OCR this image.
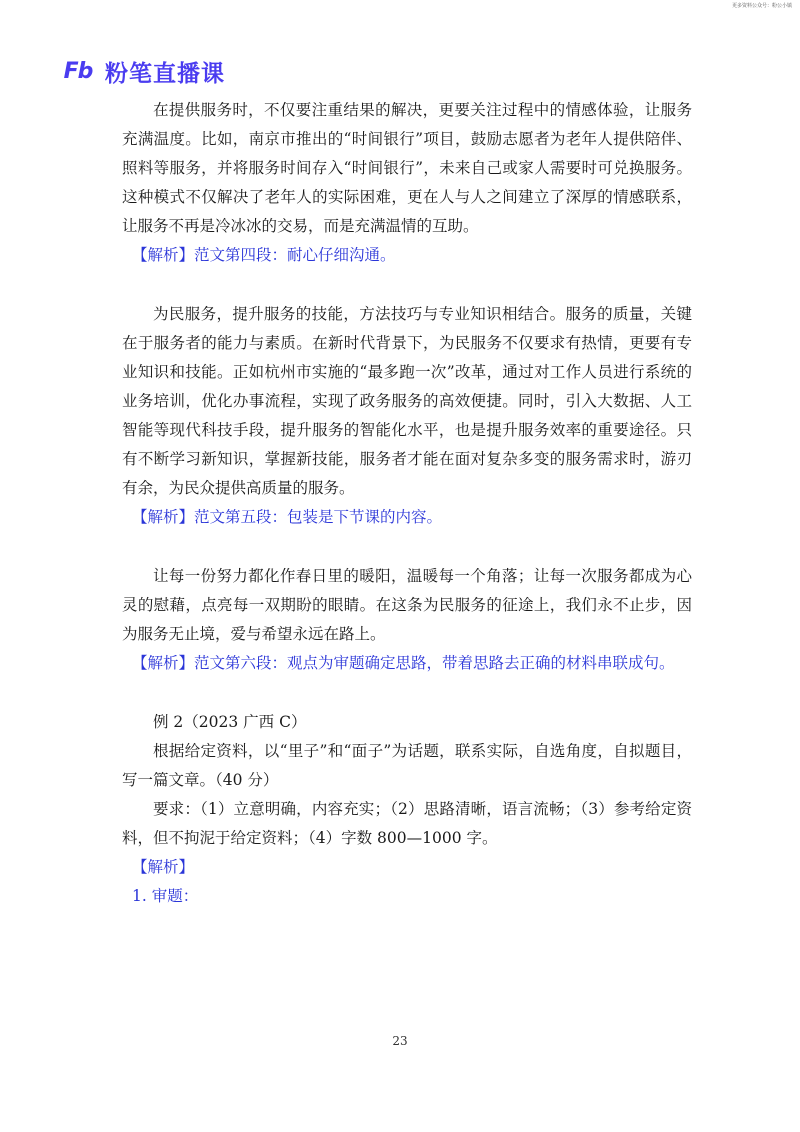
更多资料公众号：粉公小镇
Fb 粉笔直播课

在提供服务时，不仅要注重结果的解决，更要关注过程中的情感体验，让服务充满温度。比如，南京市推出的“时间银行”项目，鼓励志愿者为老年人提供陪伴、照料等服务，并将服务时间存入“时间银行”，未来自己或家人需要时可兑换服务。这种模式不仅解决了老年人的实际困难，更在人与人之间建立了深厚的情感联系，让服务不再是冷冰冰的交易，而是充满温情的互助。

【解析】范文第四段：耐心仔细沟通。

为民服务，提升服务的技能，方法技巧与专业知识相结合。服务的质量，关键在于服务者的能力与素质。在新时代背景下，为民服务不仅要求有热情，更要有专业知识和技能。正如杭州市实施的“最多跑一次”改革，通过对工作人员进行系统的业务培训，优化办事流程，实现了政务服务的高效便捷。同时，引入大数据、人工智能等现代科技手段，提升服务的智能化水平，也是提升服务效率的重要途径。只有不断学习新知识，掌握新技能，服务者才能在面对复杂多变的服务需求时，游刃有余，为民众提供高质量的服务。

【解析】范文第五段：包装是下节课的内容。

让每一份努力都化作春日里的暖阳，温暖每一个角落；让每一次服务都成为心灵的慰藉，点亮每一双期盼的眼睛。在这条为民服务的征途上，我们永不止步，因为服务无止境，爱与希望永远在路上。

【解析】范文第六段：观点为审题确定思路，带着思路去正确的材料串联成句。

例 2（2023 广西 C）

根据给定资料，以“里子”和“面子”为话题，联系实际，自选角度，自拟题目，写一篇文章。（40 分）

要求：（1）立意明确，内容充实；（2）思路清晰，语言流畅；（3）参考给定资料，但不拘泥于给定资料；（4）字数 800—1000 字。

【解析】

1. 审题：

23
